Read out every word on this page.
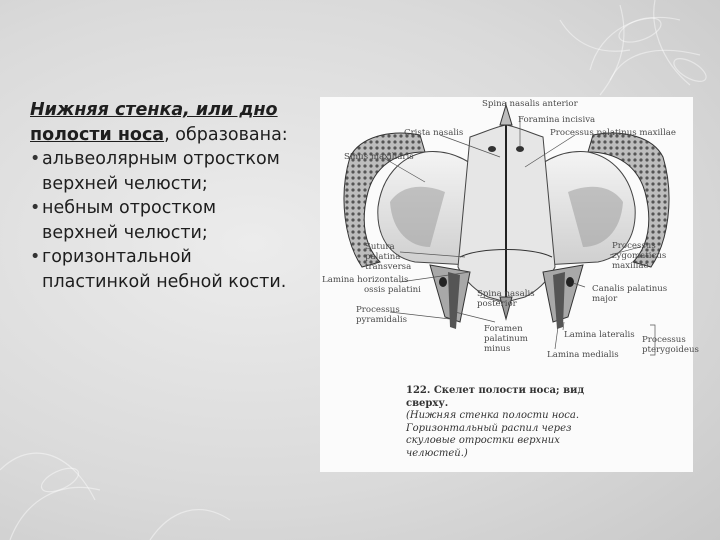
Нижняя стенка, или дно
полости носа, образована:

• альвеолярным отростком
верхней челюсти;
• небным отростком
верхней челюсти;
• горизонтальной
пластинкой небной кости.
Spina nasalis anterior
Foramina incisiva
Crista nasalis	Processus palatinus maxillae
Sinus maxillaris
Sutura
palatina
transversa
Lamina horizontalis
ossis palatini
Processus
zygomaticus
maxillae
Spina nasalis
posterior
Canalis palatinus
major
Processus
pyramidalis
Foramen
palatinum
minus
Lamina lateralis
Lamina medialis
Processus
pterygoideus
122. Скелет полости носа; вид
сверху.
(Нижняя стенка полости носа.
Горизонтальный распил через
скуловые отростки верхних
челюстей.)
